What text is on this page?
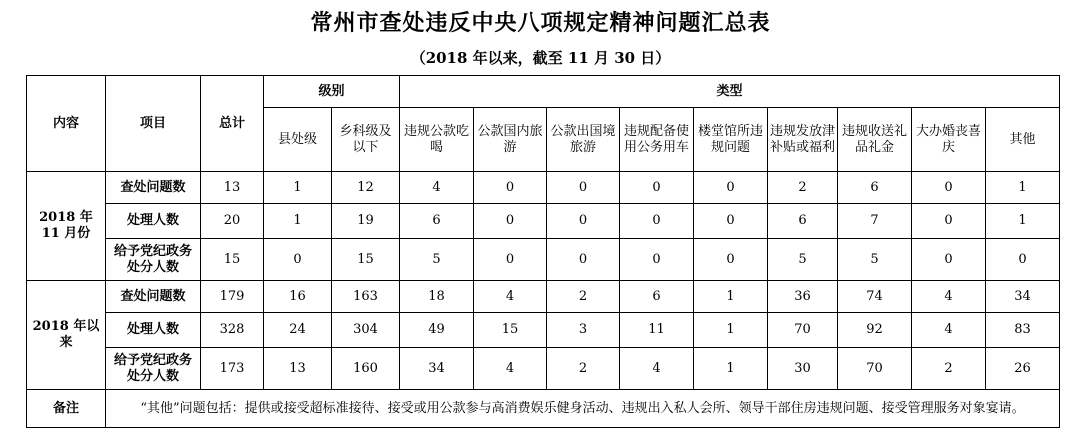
常州市查处违反中央八项规定精神问题汇总表
（2018 年以来，截至 11 月 30 日）
内容	项目	总计	级别		类型								
			县处级	乡科级及以下	违规公款吃喝	公款国内旅游	公款出国境旅游	违规配备使用公务用车	楼堂馆所违规问题	违规发放津补贴或福利	违规收送礼品礼金	大办婚丧喜庆	其他
2018 年 11 月份	查处问题数	13	1	12	4	0	0	0	0	2	6	0	1
	处理人数	20	1	19	6	0	0	0	0	6	7	0	1
	给予党纪政务处分人数	15	0	15	5	0	0	0	0	5	5	0	0
2018 年以来	查处问题数	179	16	163	18	4	2	6	1	36	74	4	34
	处理人数	328	24	304	49	15	3	11	1	70	92	4	83
	给予党纪政务处分人数	173	13	160	34	4	2	4	1	30	70	2	26
备注	“其他”问题包括：提供或接受超标准接待、接受或用公款参与高消费娱乐健身活动、违规出入私人会所、领导干部住房违规问题、接受管理服务对象宴请。												
